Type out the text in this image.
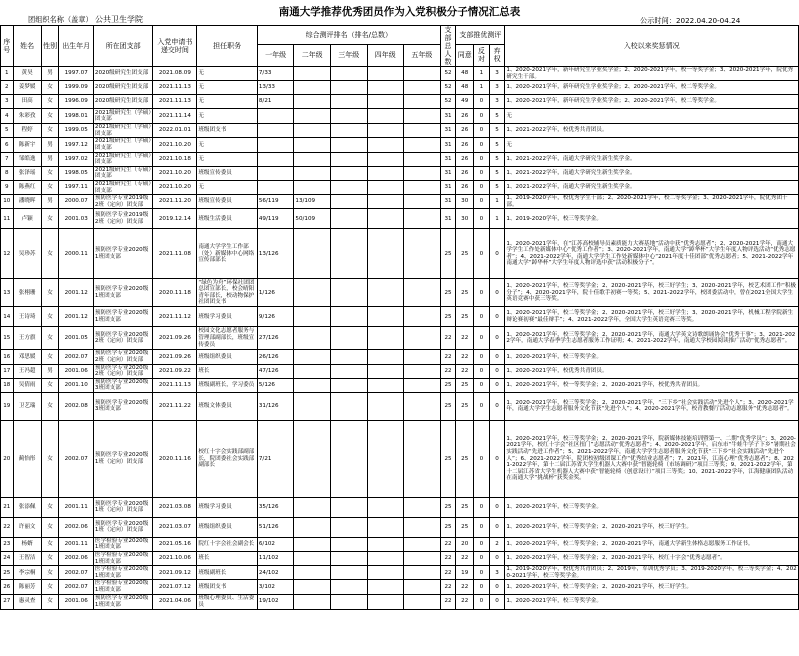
南通大学推荐优秀团员作为入党积极分子情况汇总表
团组织名称（盖章） 公共卫生学院	公示时间：2022.04.20-04.24
序号	姓名	性别	出生年月	所在团支部	入党申请书递交时间	担任职务	综合测评排名（排名/总数）					支部总人数	支部推优测评			入校以来奖惩情况
							一年级	二年级	三年级	四年级	五年级		同意	反对	弃权	
1	黄昊	男	1997.07	2020级研究生团支部	2021.08.09	无	7/33					52	48	1	3	1、2020-2021学年，新年研究生学业奖学金；2、2020-2021学年，校一等奖学金；3、2020-2021学年，院优秀研究生干部。
2	姜梦媛	女	1999.09	2020级研究生团支部	2021.11.13	无	13/33					52	48	1	3	1、2020-2021学年，新年研究生学业奖学金；2、2020-2021学年，校二等奖学金。
3	田高	女	1996.09	2020级研究生团支部	2021.11.13	无	8/21					52	49	0	3	1、2020-2021学年，新年研究生学业奖学金；2、2020-2021学年，校二等奖学金。
4	朱彩孜	女	1998.01	2021级研究生（学硕）团支部	2021.11.14	无						31	26	0	5	无
5	程婷	女	1999.05	2021级研究生（学硕）团支部	2022.01.01	班级团支书						31	26	0	5	1、2021-2022学年，校优秀共青团员。
6	陈新宇	男	1997.12	2021级研究生（学硕）团支部	2021.10.20	无						31	26	0	5	无
7	邹皓逸	男	1997.02	2021级研究生（学硕）团支部	2021.10.18	无						31	26	0	5	1、2021-2022学年，南通大学研究生新生奖学金。
8	张泽瑶	女	1998.05	2021级研究生（专硕）团支部	2021.10.20	班级宣传委员						31	26	0	5	1、2021-2022学年，南通大学研究生新生奖学金。
9	陈燕红	女	1997.11	2021级研究生（专硕）团支部	2021.10.20	无						31	26	0	5	1、2021-2022学年，南通大学研究生新生奖学金。
10	潘晓晖	男	2000.07	预防医学专业2019级2班（定向）团支部	2021.11.20	班级宣传委员	56/119	13/109				31	30	0	1	1、2019-2020学年，校优秀学生干部；2、2020-2021学年，校二等奖学金；3、2020-2021学年，院优秀团干部。
11	卢颖	女	2001.03	预防医学专业2019级2班（定向）团支部	2019.12.14	班级生活委员	49/119	50/109				31	30	0	1	1、2019-2020学年，校三等奖学金。
12	吴珍苏	女	2000.11	预防医学专业2020级1班团支部	2021.11.08	南通大学学生工作部（处）新媒体中心网络宣传部部长	13/126					25	25	0	0	1、2020-2021学年，在“江苏高校辅导员素质能力大赛基地”活动中获“优秀志愿者”；2、2020-2021学年，南通大学学生工作处新媒体中心“优秀工作者”；3、2020-2021学年，南通大学“踔华杯”大学生年度人物评选活动“优秀志愿者”；4、2021-2022学年，南通大学学生工作处新媒体中心“2021年度十佳团部”优秀志愿者；5、2021-2022学年南通大学“踔华杯”大学生年度人物评选中获“活动积极分子”。
13	张栩珊	女	2001.12	预防医学专业2020级1班团支部	2020.11.18	“绿色为舟”环保社团团总团宣部长，校会晴阳青年部长，校动物保护社团团支书	1/126					25	25	0	0	1、2020-2021学年，校三等奖学金；2、2020-2021学年，校三好学生；3、2020-2021学年，校艺术团工作“积极分子”；4、2020-2021学年，院十佳歌手初赛一等奖；5、2021-2022学年，校团委活动中，曾在2021全国大学生英语竞赛中获三等奖。
14	王诗琦	女	2001.12	预防医学专业2020级1班团支部	2021.11.12	班级学习委员	9/126					25	25	0	0	1、2020-2021学年，校二等奖学金；2、2020-2021学年，校三好学生；3、2020-2021学年，机械工程学院新生辩论赛初赛“最佳辩手”；4、2021-2022学年，全国大学生英语竞赛三等奖。
15	王方旗	女	2001.05	预防医学专业2020级2班（定向）团支部	2021.09.26	校园文化志愿者服务与管理部副部长，班级宣传委员	27/126					22	22	0	0	1、2020-2021学年，校三等奖学金；2、2020-2021学年，南通大学英文诗歌朗诵协会“优秀干事”；3、2021-2022学年，南通大学春季学生志愿者服务工作证明；4、2021-2022学年，南通大学校园阅读推广活动“优秀志愿者”。
16	邓思媛	女	2002.07	预防医学专业2020级2班（定向）团支部	2021.09.26	班级组织委员	26/126					22	22	0	0	1、2020-2021学年，校三等奖学金。
17	王冯超	男	2001.06	预防医学专业2020级2班（定向）团支部	2021.09.22	班长	47/126					22	22	0	0	1、2020-2021学年，校优秀共青团员。
18	吴倩雨	女	2001.10	预防医学专业2020级3班团支部	2021.11.13	班级副班长，学习委员	5/126					25	25	0	0	1、2020-2021学年，校一等奖学金；2、2020-2021学年，校优秀共青团员。
19	卫艺瑞	女	2002.08	预防医学专业2020级3班团支部	2021.11.22	班级文体委员	31/126					25	25	0	0	1、2020-2021学年，校三等奖学金；2、2020-2021学年，“三下乡”社会实践活动“先进个人”；3、2020-2021学年，南通大学学生志愿者服务文化节获“先进个人”；4、2020-2021学年，校青教餐厅活动志愿服务“优秀志愿者”。
20	蔺怡彤	女	2002.07	预防医学专业2020级1班（定向）团支部	2020.11.16	校红十字会实践部副部长，院团委社会实践部副部长	7/21					25	25	0	0	1、2020-2021学年，校三等奖学金；2、2020-2021学年，院新媒体技能培训暨第一、二期“优秀学员”；3、2020-2021学年，校红十字会“社区扭门”志愿活动“优秀志愿者”；4、2020-2021学年，启东市“牛蛙牛学子下乡”暑期社会实践活动“先进工作者”；5、2021-2022学年，南通大学学生志愿者服务文化节获“三下乡”社会实践活动“先进个人”；6、2021-2022学年，院团校初级团课工作“优秀结业志愿者”；7、2021年，江南心理“优秀志愿者”；8、2021-2022学年，第十二届江苏省大学生机器人大赛中获“智能轮椅（市场调研）”项目三等奖；9、2021-2022学年，第十二届江苏省大学生机器人大赛中获“智能轮椅（创意设计）”项目三等奖；10、2021-2022学年，江海健康团队活动在南通大学“挑战杯”获奖金奖。
21	张添佩	女	2001.11	预防医学专业2020级1班（定向）团支部	2021.03.08	班级学习委员	35/126					25	25	0	0	1、2020-2021学年，校三等奖学金。
22	许丽文	女	2002.06	预防医学专业2020级1班（定向）团支部	2021.03.07	班级组织委员	51/126					25	25	0	0	1、2020-2021学年，校三等奖学金；2、2020-2021学年，校三好学生。
23	杨婿	女	2001.11	医学检验专业2020级1班团支部	2021.05.16	院红十字会社会副会长	6/102					22	20	0	2	1、2020-2021学年，校二等奖学金；2、2020-2021学年，南通大学新生体格志愿服务工作证书。
24	王智洁	女	2002.06	医学检验专业2020级1班团支部	2021.10.06	班长	11/102					22	22	0	0	1、2020-2021学年，校三等奖学金；2、2020-2021学年，校红十字会“优秀志愿者”。
25	李宗桐	女	2002.07	医学检验专业2020级1班团支部	2021.09.12	班级副班长	24/102					22	19	0	3	1、2019-2020学年，校优秀共青团员；2、2019年，军训优秀学员；3、2019-2020学年，校三等奖学金；4、2020-2021学年，校三等奖学金。
26	陈丽芳	女	2002.07	医学检验专业2020级1班团支部	2021.07.12	班级团支书	3/102					22	22	0	0	1、2020-2021学年，校二等奖学金；2、2020-2021学年，校三好学生。
27	惠灵查	女	2001.06	预防医学专业2020级1班团支部	2021.04.06	班级心理委员、生活委员	19/102					22	22	0	0	1、2020-2021学年，校三等奖学金。
